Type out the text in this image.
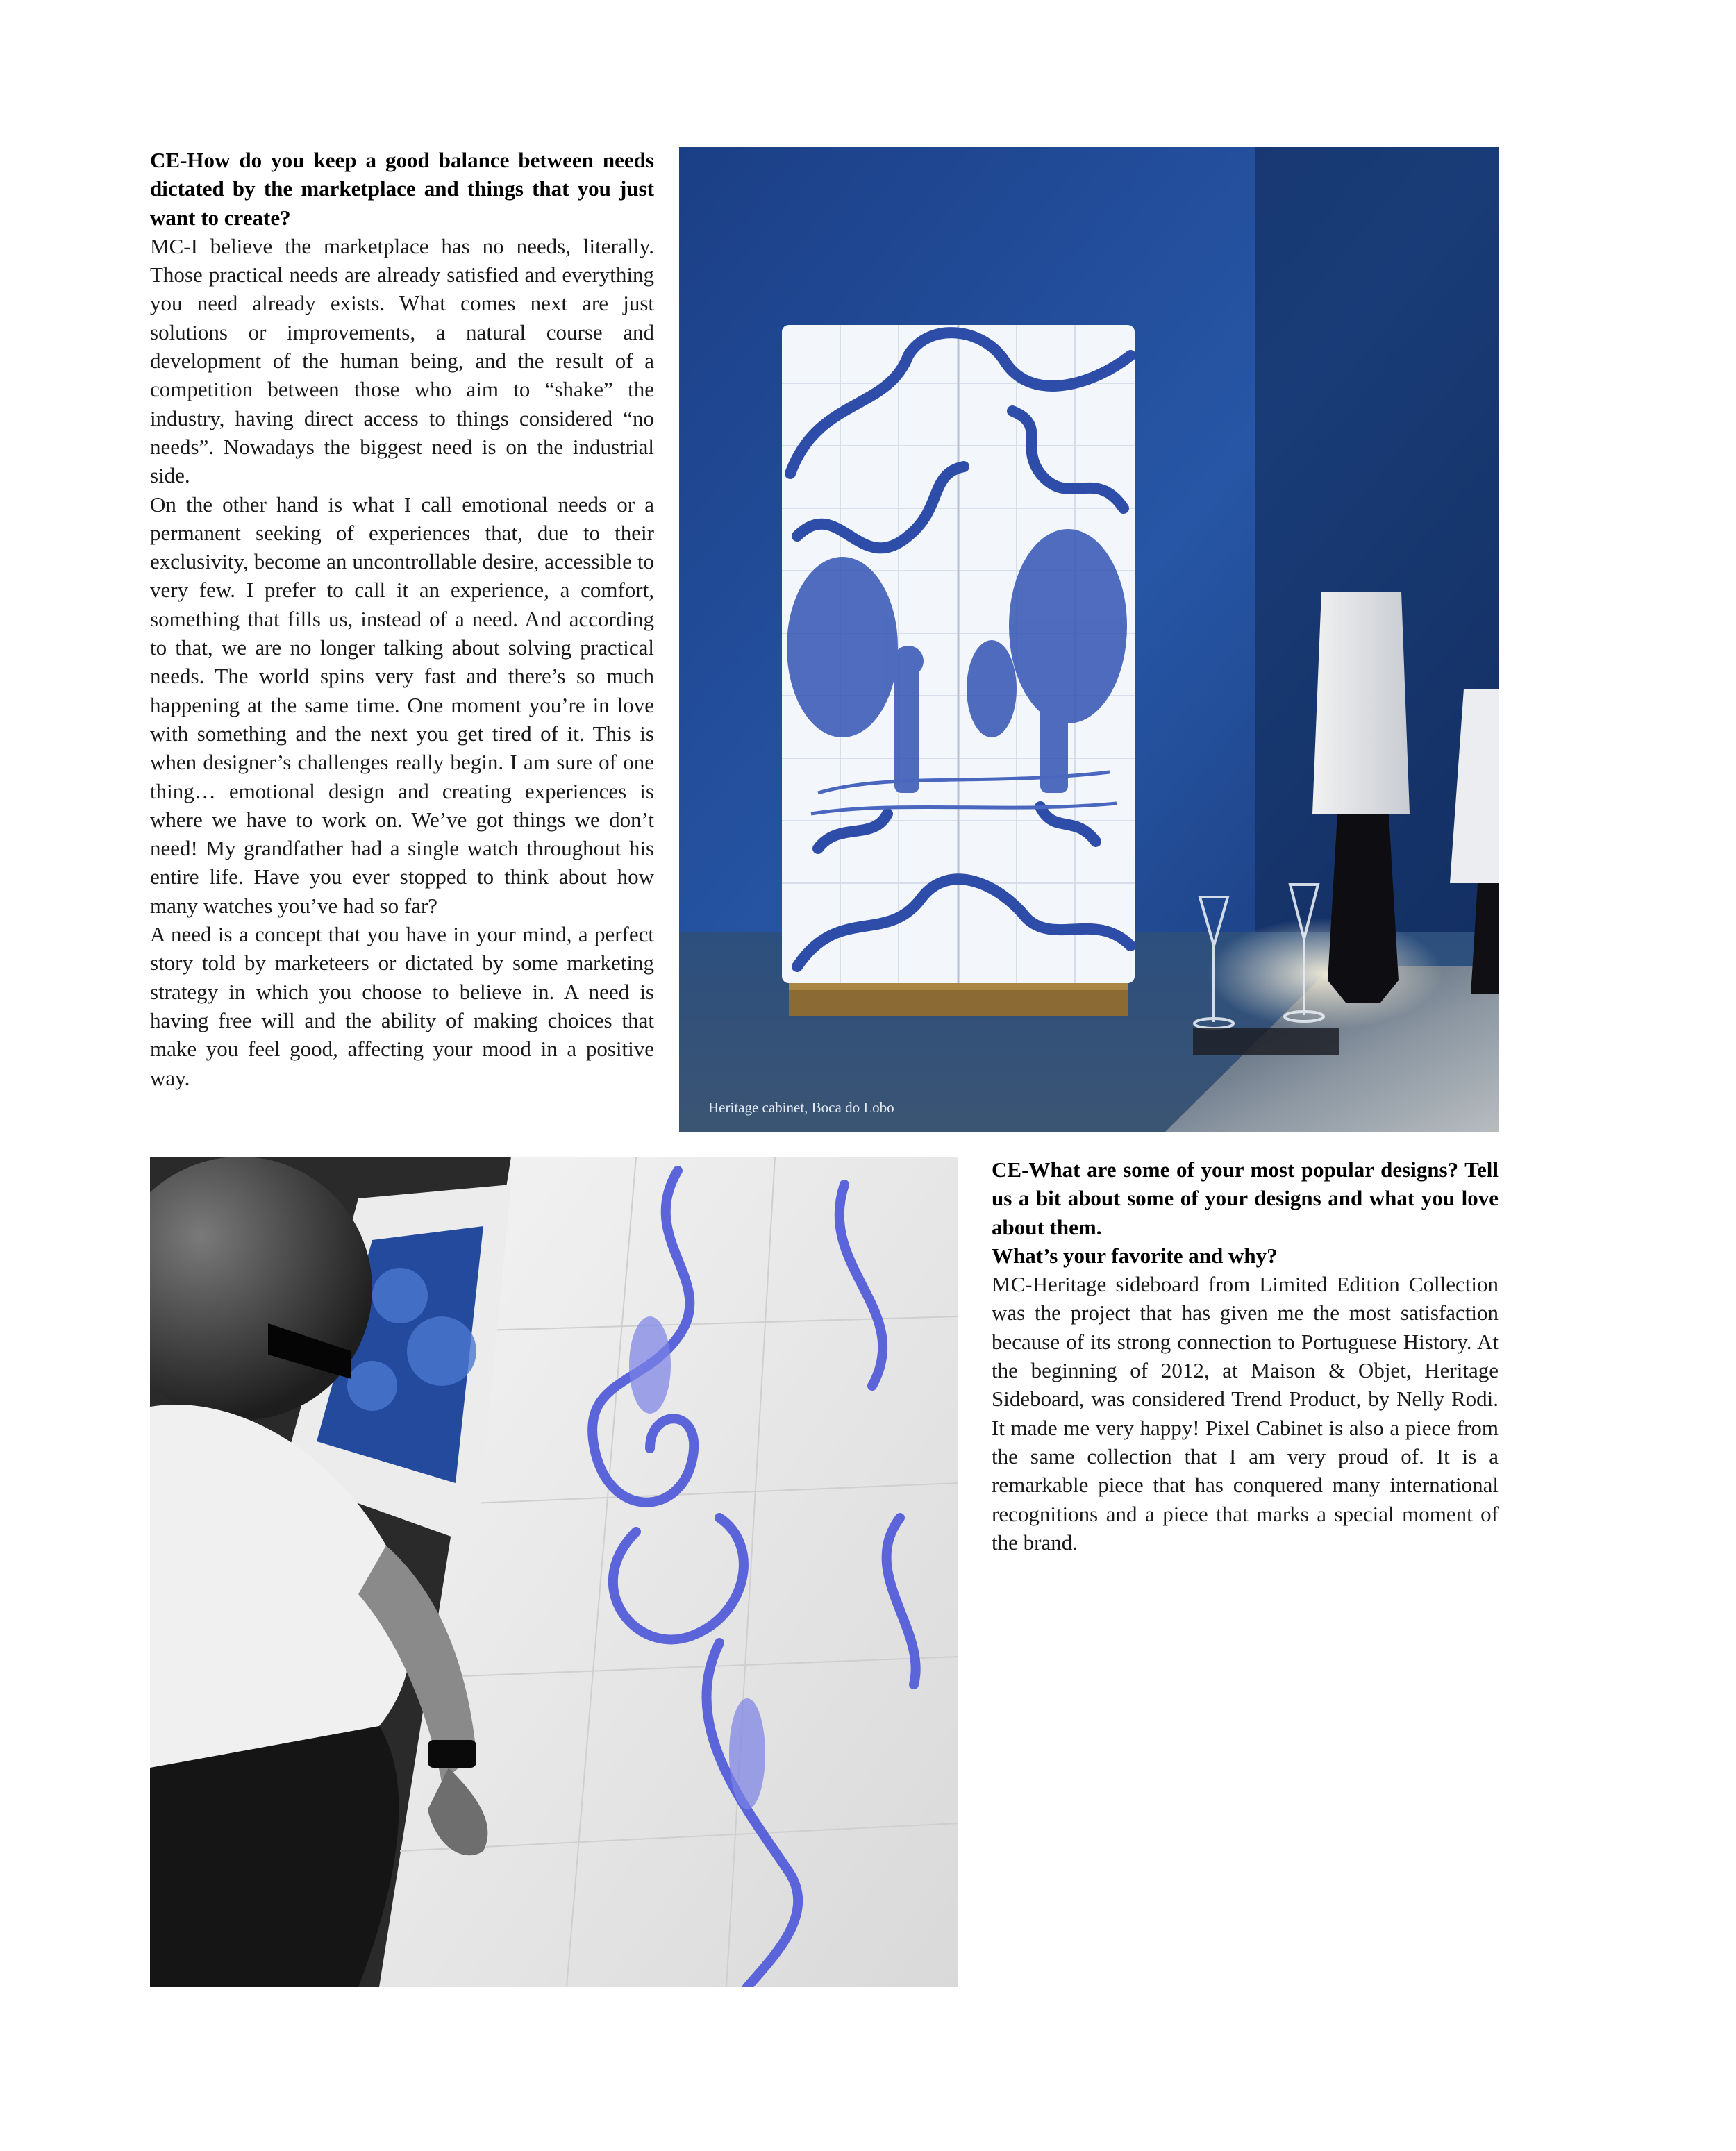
CE-How do you keep a good balance between needs dictated by the marketplace and things that you just want to create?

MC-I believe the marketplace has no needs, literally. Those practical needs are already satisfied and everything you need already exists. What comes next are just solutions or improvements, a natural course and development of the human being, and the result of a competition between those who aim to “shake” the industry, having direct access to things considered “no needs”. Nowadays the biggest need is on the industrial side.

On the other hand is what I call emotional needs or a permanent seeking of experiences that, due to their exclusivity, become an uncontrollable desire, accessible to very few. I prefer to call it an experience, a comfort, something that fills us, instead of a need. And according to that, we are no longer talking about solving practical needs. The world spins very fast and there’s so much happening at the same time. One moment you’re in love with something and the next you get tired of it. This is when designer’s challenges really begin. I am sure of one thing… emotional design and creating experiences is where we have to work on. We’ve got things we don’t need! My grandfather had a single watch throughout his entire life. Have you ever stopped to think about how many watches you’ve had so far?

A need is a concept that you have in your mind, a perfect story told by marketeers or dictated by some marketing strategy in which you choose to believe in. A need is having free will and the ability of making choices that make you feel good, affecting your mood in a positive way.

Heritage cabinet, Boca do Lobo

CE-What are some of your most popular designs? Tell us a bit about some of your designs and what you love about them.

What’s your favorite and why?

MC-Heritage sideboard from Limited Edition Collection was the project that has given me the most satisfaction because of its strong connection to Portuguese History. At the beginning of 2012, at Maison & Objet, Heritage Sideboard, was considered Trend Product, by Nelly Rodi. It made me very happy! Pixel Cabinet is also a piece from the same collection that I am very proud of. It is a remarkable piece that has conquered many international recognitions and a piece that marks a special moment of the brand.
